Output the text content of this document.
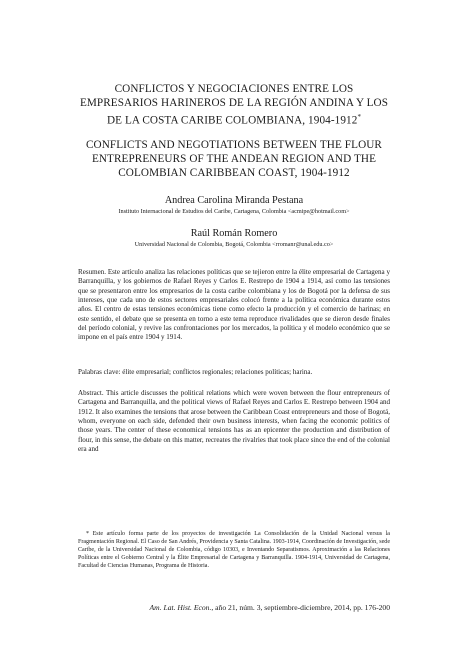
CONFLICTOS Y NEGOCIACIONES ENTRE LOS EMPRESARIOS HARINEROS DE LA REGIÓN ANDINA Y LOS DE LA COSTA CARIBE COLOMBIANA, 1904-1912*
CONFLICTS AND NEGOTIATIONS BETWEEN THE FLOUR ENTREPRENEURS OF THE ANDEAN REGION AND THE COLOMBIAN CARIBBEAN COAST, 1904-1912
Andrea Carolina Miranda Pestana
Instituto Internacional de Estudios del Caribe, Cartagena, Colombia <acmipe@hotmail.com>
Raúl Román Romero
Universidad Nacional de Colombia, Bogotá, Colombia <rromanr@unal.edu.co>

Resumen. Este artículo analiza las relaciones políticas que se tejieron entre la élite empresarial de Cartagena y Barranquilla, y los gobiernos de Rafael Reyes y Carlos E. Restrepo de 1904 a 1914, así como las tensiones que se presentaron entre los empresarios de la costa caribe colombiana y los de Bogotá por la defensa de sus intereses, que cada uno de estos sectores empresariales colocó frente a la política económica durante estos años. El centro de estas tensiones económicas tiene como efecto la producción y el comercio de harinas; en este sentido, el debate que se presenta en torno a este tema reproduce rivalidades que se dieron desde finales del período colonial, y revive las confrontaciones por los mercados, la política y el modelo económico que se impone en el país entre 1904 y 1914.

Palabras clave: élite empresarial; conflictos regionales; relaciones políticas; harina.

Abstract. This article discusses the political relations which were woven between the flour entrepreneurs of Cartagena and Barranquilla, and the political views of Rafael Reyes and Carlos E. Restrepo between 1904 and 1912. It also examines the tensions that arose between the Caribbean Coast entrepreneurs and those of Bogotá, whom, everyone on each side, defended their own business interests, when facing the economic politics of those years. The center of these economical tensions has as an epicenter the production and distribution of flour, in this sense, the debate on this matter, recreates the rivalries that took place since the end of the colonial era and

* Este artículo forma parte de los proyectos de investigación La Consolidación de la Unidad Nacional versus la Fragmentación Regional. El Caso de San Andrés, Providencia y Santa Catalina. 1903-1914, Coordinación de Investigación, sede Caribe, de la Universidad Nacional de Colombia, código 10303, e Inventando Separatismos. Aproximación a las Relaciones Políticas entre el Gobierno Central y la Élite Empresarial de Cartagena y Barranquilla. 1904-1914, Universidad de Cartagena, Facultad de Ciencias Humanas, Programa de Historia.

Am. Lat. Hist. Econ., año 21, núm. 3, septiembre-diciembre, 2014, pp. 176-200
